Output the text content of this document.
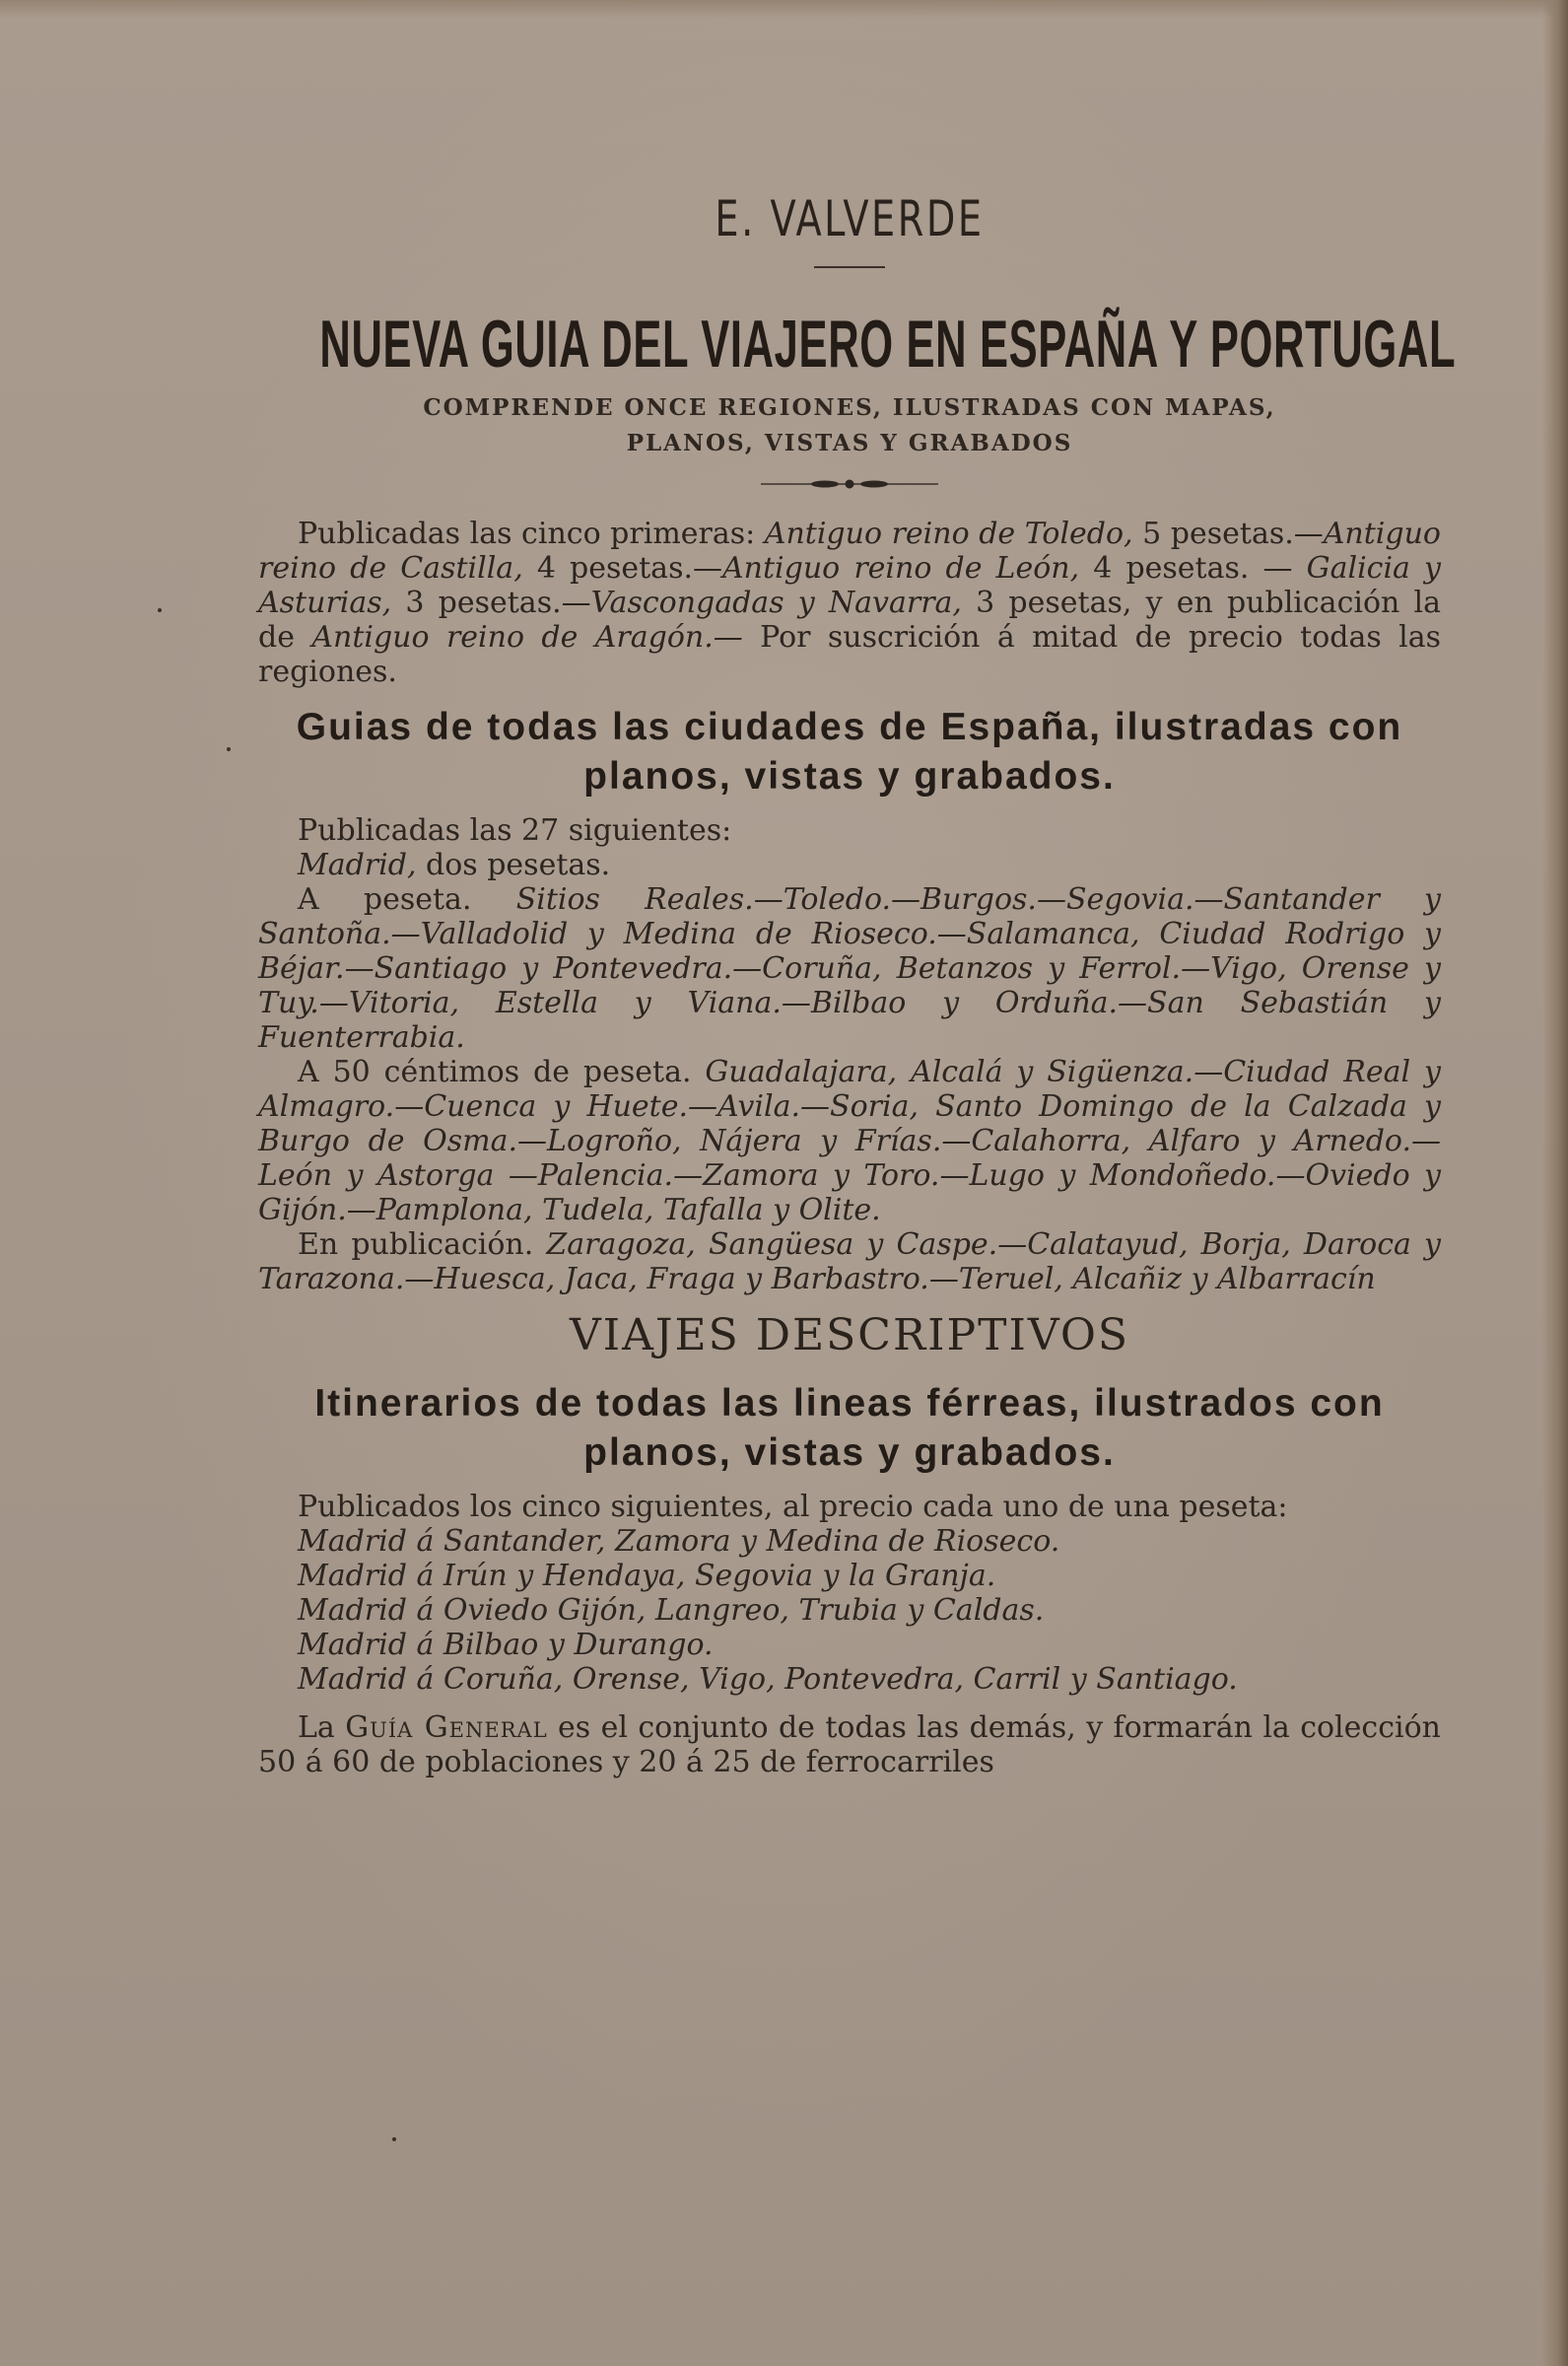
E. VALVERDE
NUEVA GUIA DEL VIAJERO EN ESPAÑA Y PORTUGAL
COMPRENDE ONCE REGIONES, ILUSTRADAS CON MAPAS,
PLANOS, VISTAS Y GRABADOS

Publicadas las cinco primeras: Antiguo reino de Toledo, 5 pesetas.—Antiguo reino de Castilla, 4 pesetas.—Antiguo reino de León, 4 pesetas. — Galicia y Asturias, 3 pesetas.—Vascongadas y Navarra, 3 pesetas, y en publicación la de Antiguo reino de Aragón.— Por suscrición á mitad de precio todas las regiones.

Guias de todas las ciudades de España, ilustradas con planos, vistas y grabados.

Publicadas las 27 siguientes:

Madrid, dos pesetas.

A peseta. Sitios Reales.—Toledo.—Burgos.—Segovia.—Santander y Santoña.—Valladolid y Medina de Rioseco.—Salamanca, Ciudad Rodrigo y Béjar.—Santiago y Pontevedra.—Coruña, Betanzos y Ferrol.—Vigo, Orense y Tuy.—Vitoria, Estella y Viana.—Bilbao y Orduña.—San Sebastián y Fuenterrabia.

A 50 céntimos de peseta. Guadalajara, Alcalá y Sigüenza.—Ciudad Real y Almagro.—Cuenca y Huete.—Avila.—Soria, Santo Domingo de la Calzada y Burgo de Osma.—Logroño, Nájera y Frías.—Calahorra, Alfaro y Arnedo.—León y Astorga —Palencia.—Zamora y Toro.—Lugo y Mondoñedo.—Oviedo y Gijón.—Pamplona, Tudela, Tafalla y Olite.

En publicación. Zaragoza, Sangüesa y Caspe.—Calatayud, Borja, Daroca y Tarazona.—Huesca, Jaca, Fraga y Barbastro.—Teruel, Alcañiz y Albarracín

VIAJES DESCRIPTIVOS
Itinerarios de todas las lineas férreas, ilustrados con planos, vistas y grabados.

Publicados los cinco siguientes, al precio cada uno de una peseta:

Madrid á Santander, Zamora y Medina de Rioseco.
Madrid á Irún y Hendaya, Segovia y la Granja.
Madrid á Oviedo Gijón, Langreo, Trubia y Caldas.
Madrid á Bilbao y Durango.
Madrid á Coruña, Orense, Vigo, Pontevedra, Carril y Santiago.

La Guía General es el conjunto de todas las demás, y formarán la colección 50 á 60 de poblaciones y 20 á 25 de ferrocarriles
